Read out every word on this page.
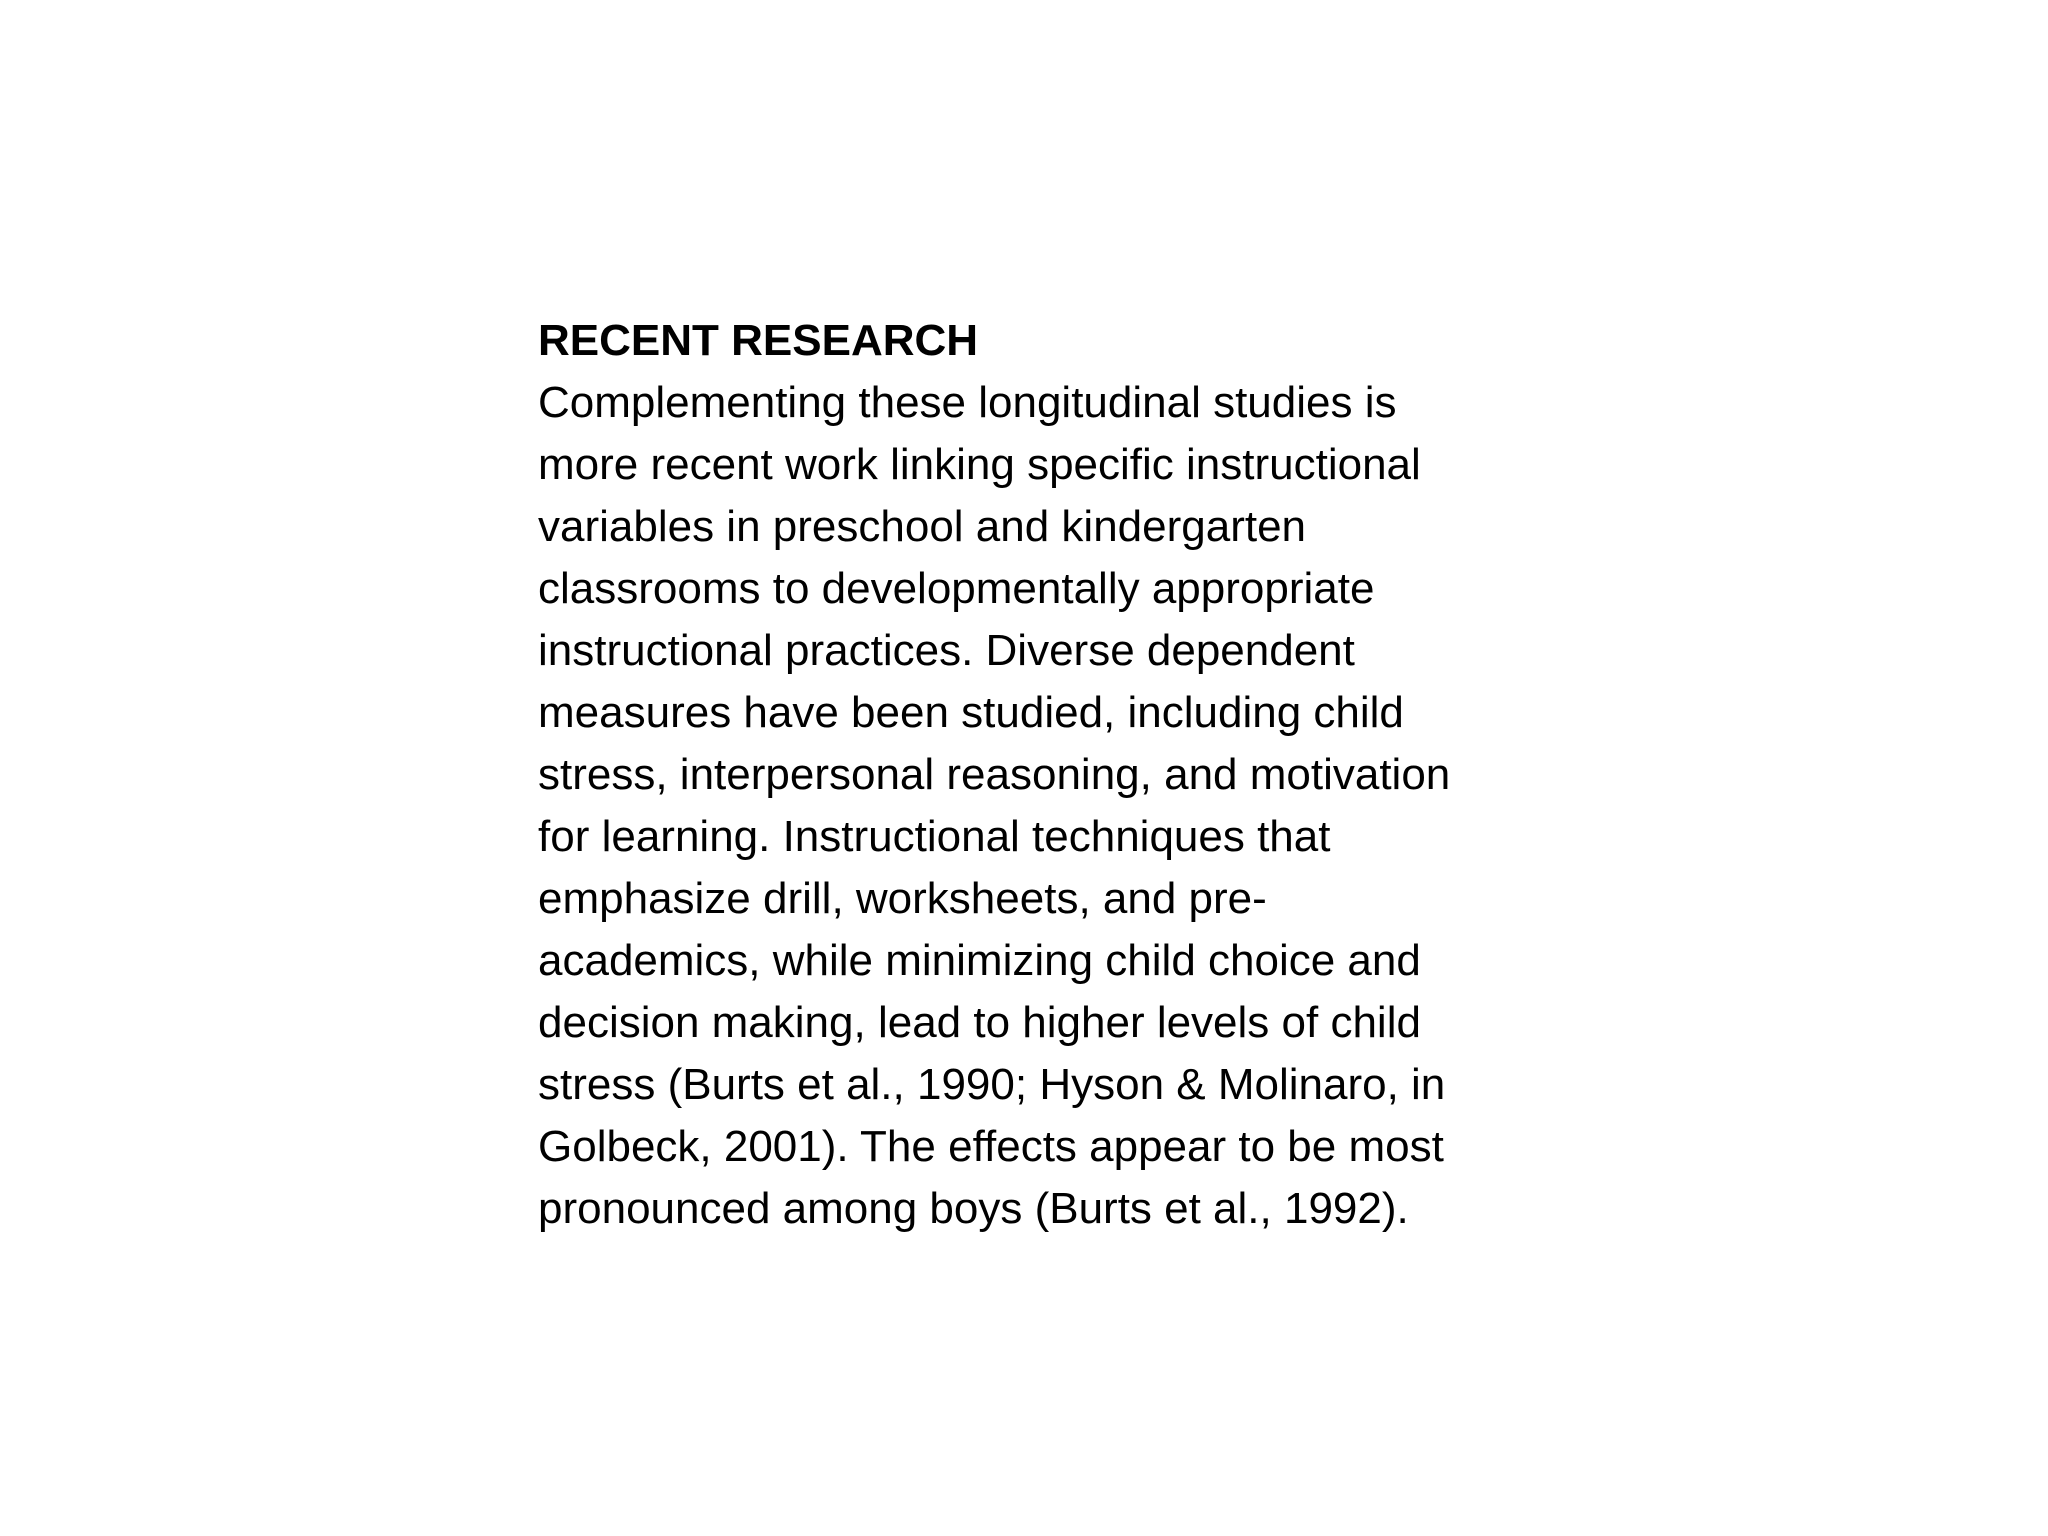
RECENT RESEARCH
Complementing these longitudinal studies is
more recent work linking specific instructional
variables in preschool and kindergarten
classrooms to developmentally appropriate
instructional practices. Diverse dependent
measures have been studied, including child
stress, interpersonal reasoning, and motivation
for learning. Instructional techniques that
emphasize drill, worksheets, and pre-
academics, while minimizing child choice and
decision making, lead to higher levels of child
stress (Burts et al., 1990; Hyson & Molinaro, in
Golbeck, 2001). The effects appear to be most
pronounced among boys (Burts et al., 1992).
